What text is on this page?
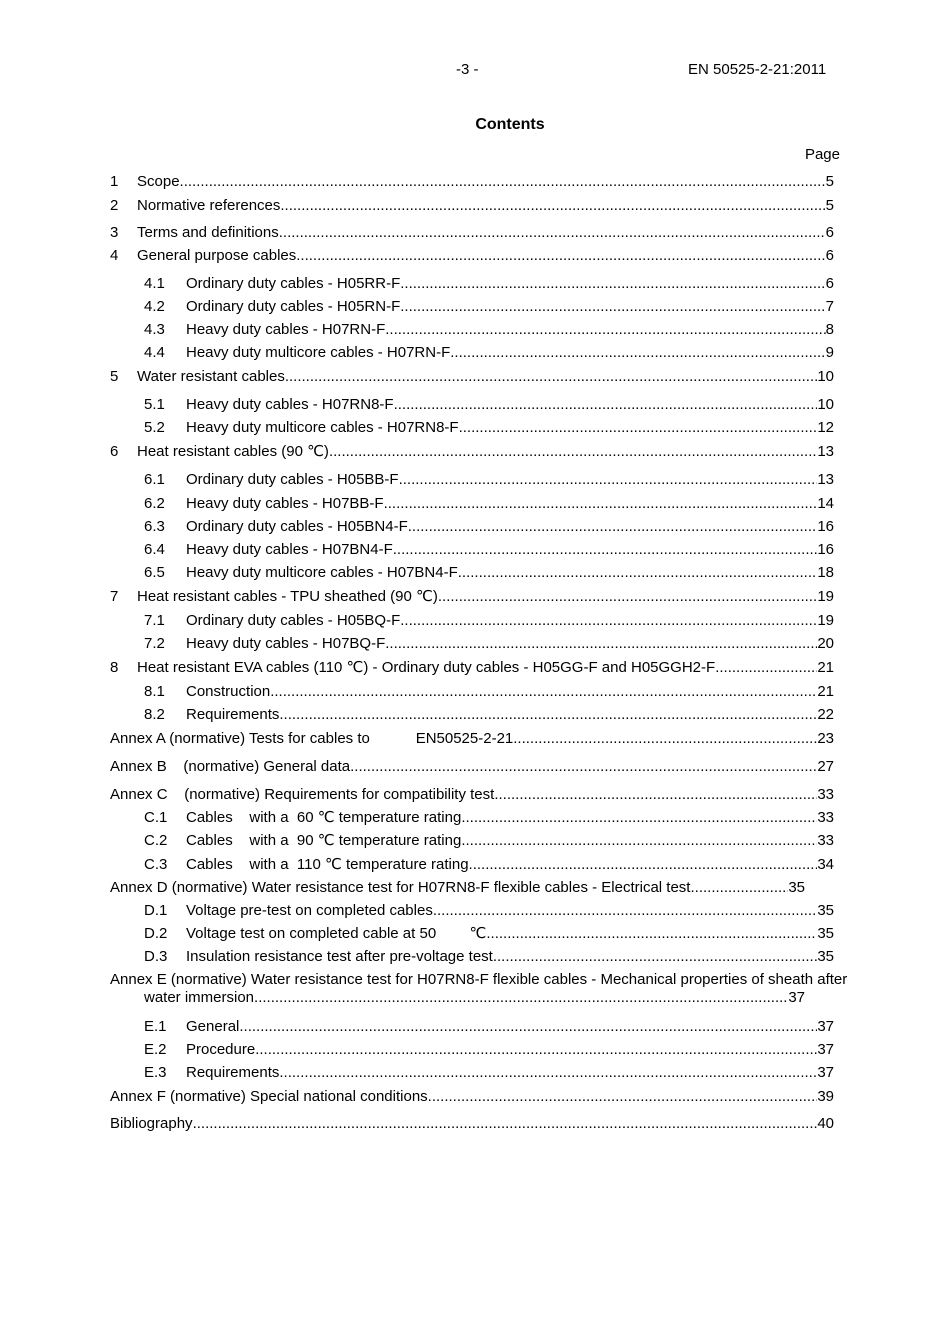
-3 -	EN 50525-2-21:2011
Contents
Page
1	Scope .....	5
2	Normative references .....	5
3	Terms and definitions .....	6
4	General purpose cables .....	6
4.1	Ordinary duty cables - H05RR-F .....	6
4.2	Ordinary duty cables - H05RN-F .....	7
4.3	Heavy duty cables - H07RN-F .....	8
4.4	Heavy duty multicore cables - H07RN-F .....	9
5	Water resistant cables .....	10
5.1	Heavy duty cables - H07RN8-F .....	10
5.2	Heavy duty multicore cables - H07RN8-F .....	12
6	Heat resistant cables (90 ℃) .....	13
6.1	Ordinary duty cables - H05BB-F .....	13
6.2	Heavy duty cables - H07BB-F .....	14
6.3	Ordinary duty cables - H05BN4-F .....	16
6.4	Heavy duty cables - H07BN4-F .....	16
6.5	Heavy duty multicore cables - H07BN4-F .....	18
7	Heat resistant cables - TPU sheathed (90 ℃) .....	19
7.1	Ordinary duty cables - H05BQ-F .....	19
7.2	Heavy duty cables - H07BQ-F .....	20
8	Heat resistant EVA cables (110 ℃) - Ordinary duty cables - H05GG-F and H05GGH2-F .....	21
8.1	Construction .....	21
8.2	Requirements .....	22
Annex A (normative) Tests for cables to           EN50525-2-21 .....	23
Annex B    (normative) General data .....	27
Annex C    (normative) Requirements for compatibility test .....	33
C.1	Cables    with a  60 ℃ temperature rating .....	33
C.2	Cables    with a  90 ℃ temperature rating .....	33
C.3	Cables    with a  110 ℃ temperature rating .....	34
Annex D (normative) Water resistance test for H07RN8-F flexible cables - Electrical test .....	35
D.1	Voltage pre-test on completed cables .....	35
D.2	Voltage test on completed cable at 50        ℃ .....	35
D.3	Insulation resistance test after pre-voltage test .....	35
Annex E (normative) Water resistance test for H07RN8-F flexible cables - Mechanical properties of sheath after
water immersion .....	37
E.1	General .....	37
E.2	Procedure .....	37
E.3	Requirements .....	37
Annex F (normative) Special national conditions .....	39
Bibliography .....	40
